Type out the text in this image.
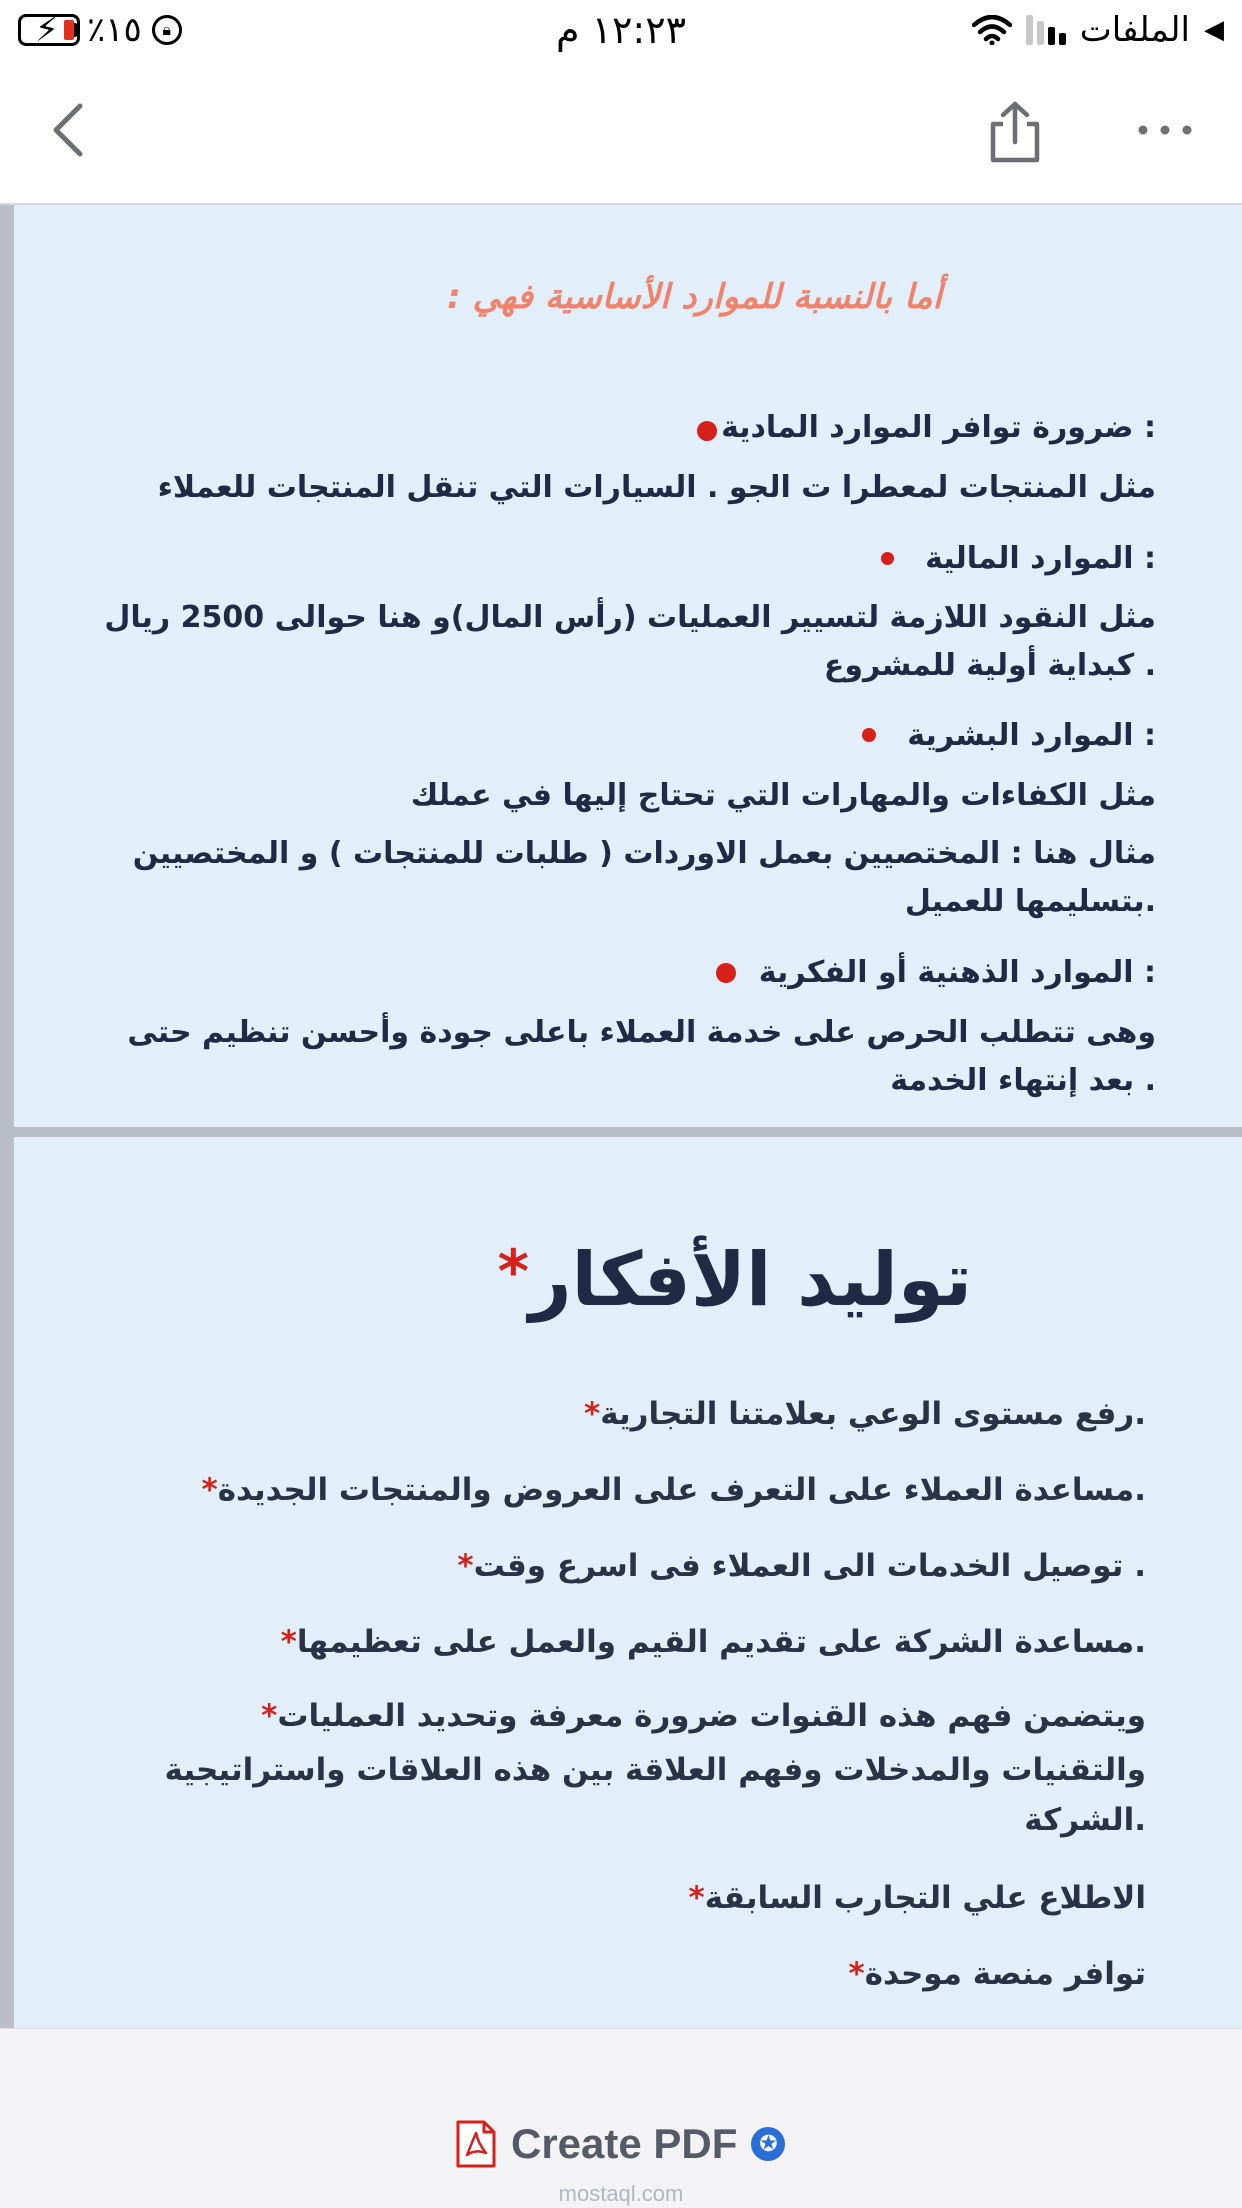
⚡ ٪١٥	🔒︎	١٢:٢٣ م	◀
الملفات
أما بالنسبة للموارد الأساسية فهي :
: ضرورة توافر الموارد المادية
مثل المنتجات لمعطرا ت الجو . السيارات التي تنقل المنتجات للعملاء
: الموارد المالية
مثل النقود اللازمة لتسيير العمليات (رأس المال)و هنا حوالى 2500 ريال
. كبداية أولية للمشروع
: الموارد البشرية
مثل الكفاءات والمهارات التي تحتاج إليها في عملك
مثال هنا : المختصيين بعمل الاوردات ( طلبات للمنتجات ) و المختصيين
.بتسليمها للعميل
: الموارد الذهنية أو الفكرية
وهى تتطلب الحرص على خدمة العملاء باعلى جودة وأحسن تنظيم حتى
. بعد إنتهاء الخدمة
توليد الأفكار*
.رفع مستوى الوعي بعلامتنا التجارية*
.مساعدة العملاء على التعرف على العروض والمنتجات الجديدة*
. توصيل الخدمات الى العملاء فى اسرع وقت*
.مساعدة الشركة على تقديم القيم والعمل على تعظيمها*
ويتضمن فهم هذه القنوات ضرورة معرفة وتحديد العمليات*
والتقنيات والمدخلات وفهم العلاقة بين هذه العلاقات واستراتيجية
.الشركة
الاطلاع علي التجارب السابقة*
توافر منصة موحدة*
Create PDF ✪
mostaql.com
